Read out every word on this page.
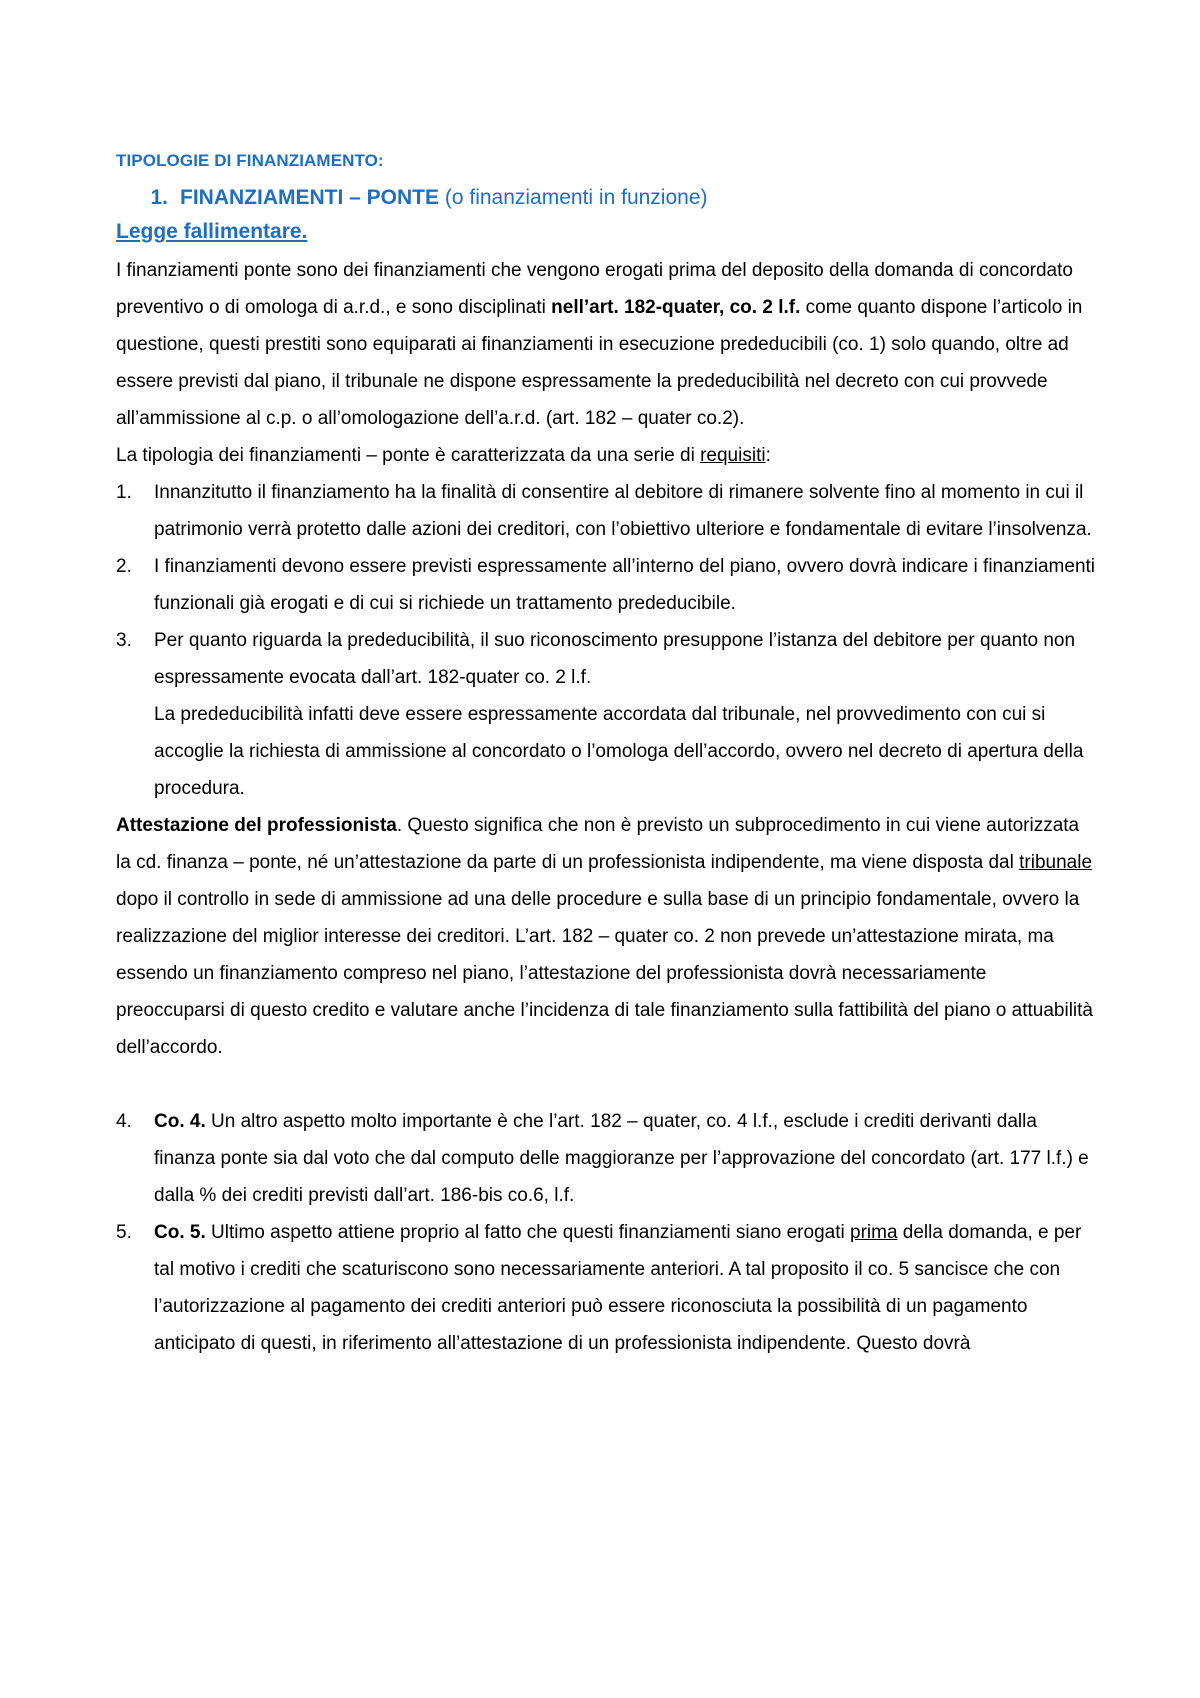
TIPOLOGIE DI FINANZIAMENTO:
1. FINANZIAMENTI – PONTE (o finanziamenti in funzione)
Legge fallimentare.

I finanziamenti ponte sono dei finanziamenti che vengono erogati prima del deposito della domanda di concordato preventivo o di omologa di a.r.d., e sono disciplinati nell’art. 182-quater, co. 2 l.f. come quanto dispone l’articolo in questione, questi prestiti sono equiparati ai finanziamenti in esecuzione prededucibili (co. 1) solo quando, oltre ad essere previsti dal piano, il tribunale ne dispone espressamente la prededucibilità nel decreto con cui provvede all’ammissione al c.p. o all’omologazione dell’a.r.d. (art. 182 – quater co.2).

La tipologia dei finanziamenti – ponte è caratterizzata da una serie di requisiti:

1.	Innanzitutto il finanziamento ha la finalità di consentire al debitore di rimanere solvente fino al momento in cui il patrimonio verrà protetto dalle azioni dei creditori, con l’obiettivo ulteriore e fondamentale di evitare l’insolvenza.
2.	I finanziamenti devono essere previsti espressamente all’interno del piano, ovvero dovrà indicare i finanziamenti funzionali già erogati e di cui si richiede un trattamento prededucibile.
3.	Per quanto riguarda la prededucibilità, il suo riconoscimento presuppone l’istanza del debitore per quanto non espressamente evocata dall’art. 182-quater co. 2 l.f.
La prededucibilità infatti deve essere espressamente accordata dal tribunale, nel provvedimento con cui si accoglie la richiesta di ammissione al concordato o l’omologa dell’accordo, ovvero nel decreto di apertura della procedura.

Attestazione del professionista. Questo significa che non è previsto un subprocedimento in cui viene autorizzata la cd. finanza – ponte, né un’attestazione da parte di un professionista indipendente, ma viene disposta dal tribunale dopo il controllo in sede di ammissione ad una delle procedure e sulla base di un principio fondamentale, ovvero la realizzazione del miglior interesse dei creditori. L’art. 182 – quater co. 2 non prevede un’attestazione mirata, ma essendo un finanziamento compreso nel piano, l’attestazione del professionista dovrà necessariamente preoccuparsi di questo credito e valutare anche l’incidenza di tale finanziamento sulla fattibilità del piano o attuabilità dell’accordo.

4.	Co. 4. Un altro aspetto molto importante è che l’art. 182 – quater, co. 4 l.f., esclude i crediti derivanti dalla finanza ponte sia dal voto che dal computo delle maggioranze per l’approvazione del concordato (art. 177 l.f.) e dalla % dei crediti previsti dall’art. 186-bis co.6, l.f.
5.	Co. 5. Ultimo aspetto attiene proprio al fatto che questi finanziamenti siano erogati prima della domanda, e per tal motivo i crediti che scaturiscono sono necessariamente anteriori. A tal proposito il co. 5 sancisce che con l’autorizzazione al pagamento dei crediti anteriori può essere riconosciuta la possibilità di un pagamento anticipato di questi, in riferimento all’attestazione di un professionista indipendente. Questo dovrà
